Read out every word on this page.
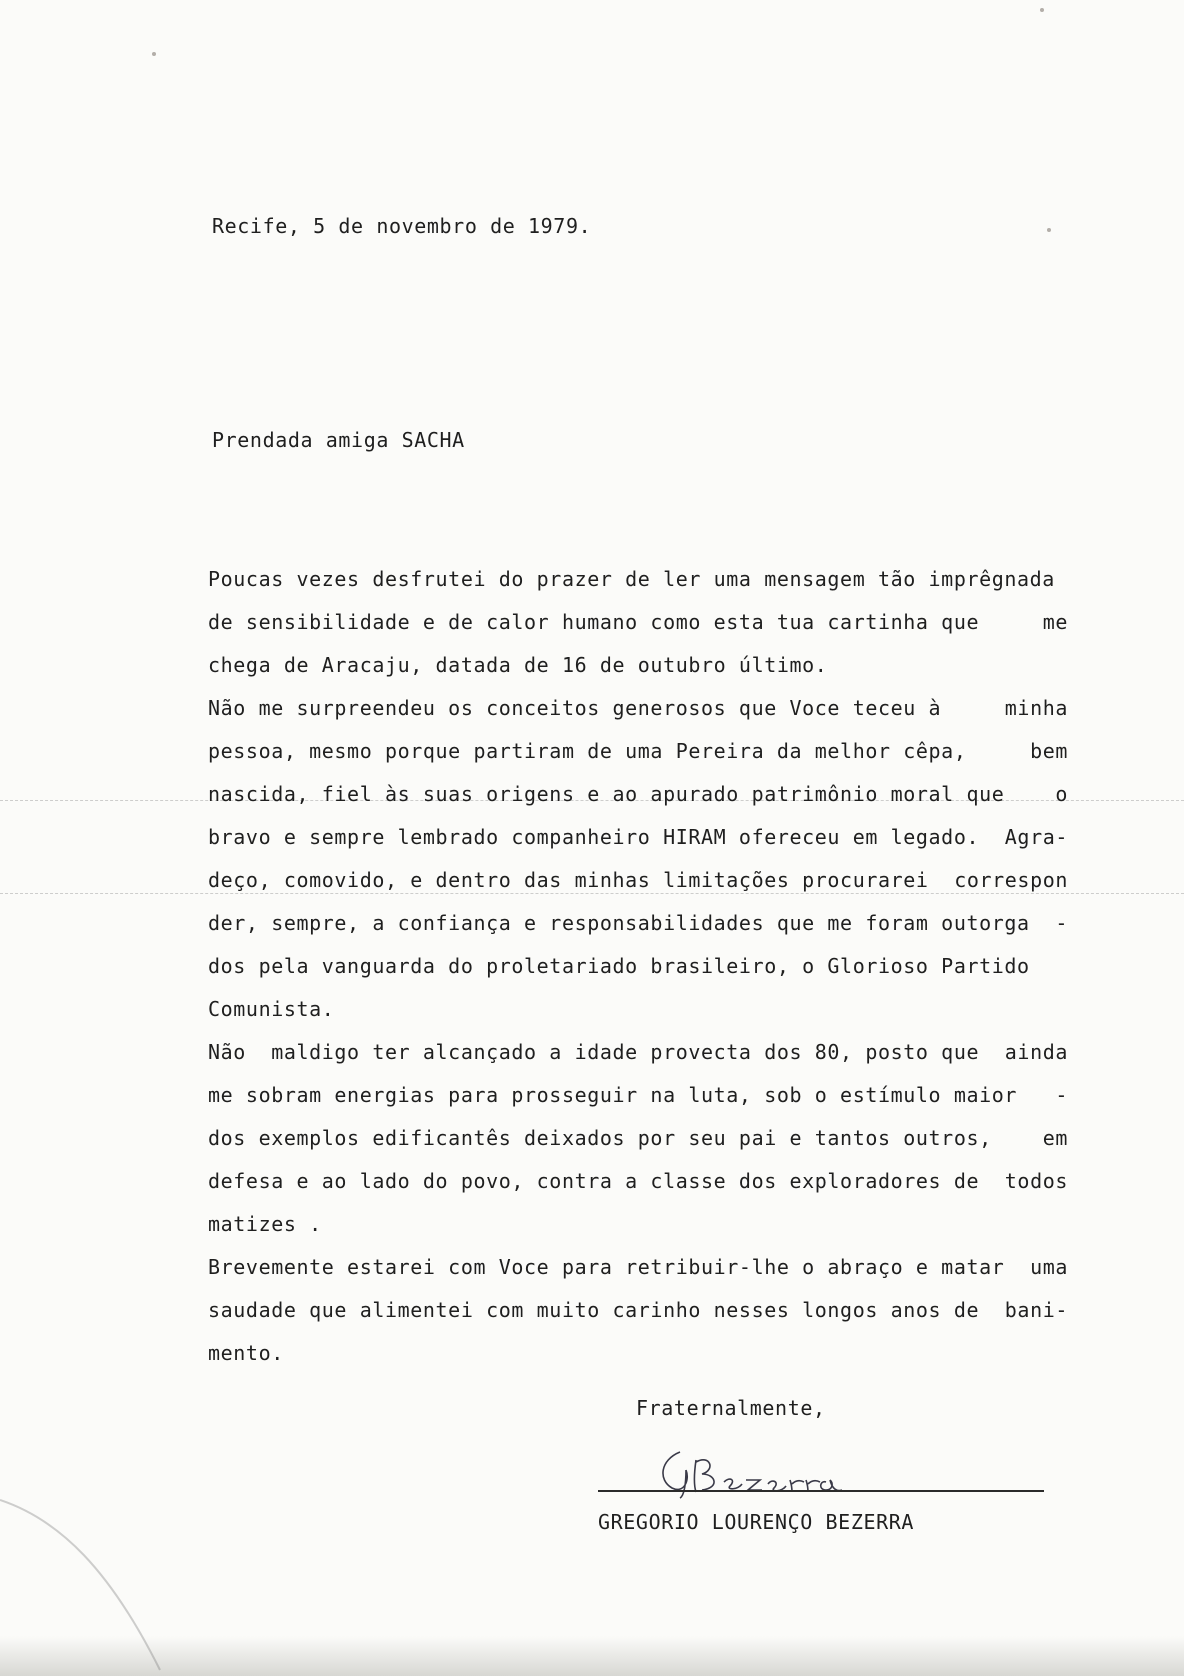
Recife, 5 de novembro de 1979.
Prendada amiga SACHA
Poucas vezes desfrutei do prazer de ler uma mensagem tão imprêgnada
de sensibilidade e de calor humano como esta tua cartinha que	me
chega de Aracaju, datada de 16 de outubro último.
Não me surpreendeu os conceitos generosos que Voce teceu à	minha
pessoa, mesmo porque partiram de uma Pereira da melhor cêpa,	bem
nascida, fiel às suas origens e ao apurado patrimônio moral que	o
bravo e sempre lembrado companheiro HIRAM ofereceu em legado. Agra-
deço, comovido, e dentro das minhas limitações procurarei correspon
der, sempre, a confiança e responsabilidades que me foram outorga -
dos pela vanguarda do proletariado brasileiro, o Glorioso Partido
Comunista.
Não  maldigo ter alcançado a idade provecta dos 80, posto que ainda
me sobram energias para prosseguir na luta, sob o estímulo maior -
dos exemplos edificantês deixados por seu pai e tantos outros,	em
defesa e ao lado do povo, contra a classe dos exploradores de todos
matizes .
Brevemente estarei com Voce para retribuir-lhe o abraço e matar uma
saudade que alimentei com muito carinho nesses longos anos de bani-
mento.
Fraternalmente,
GREGORIO LOURENÇO BEZERRA
